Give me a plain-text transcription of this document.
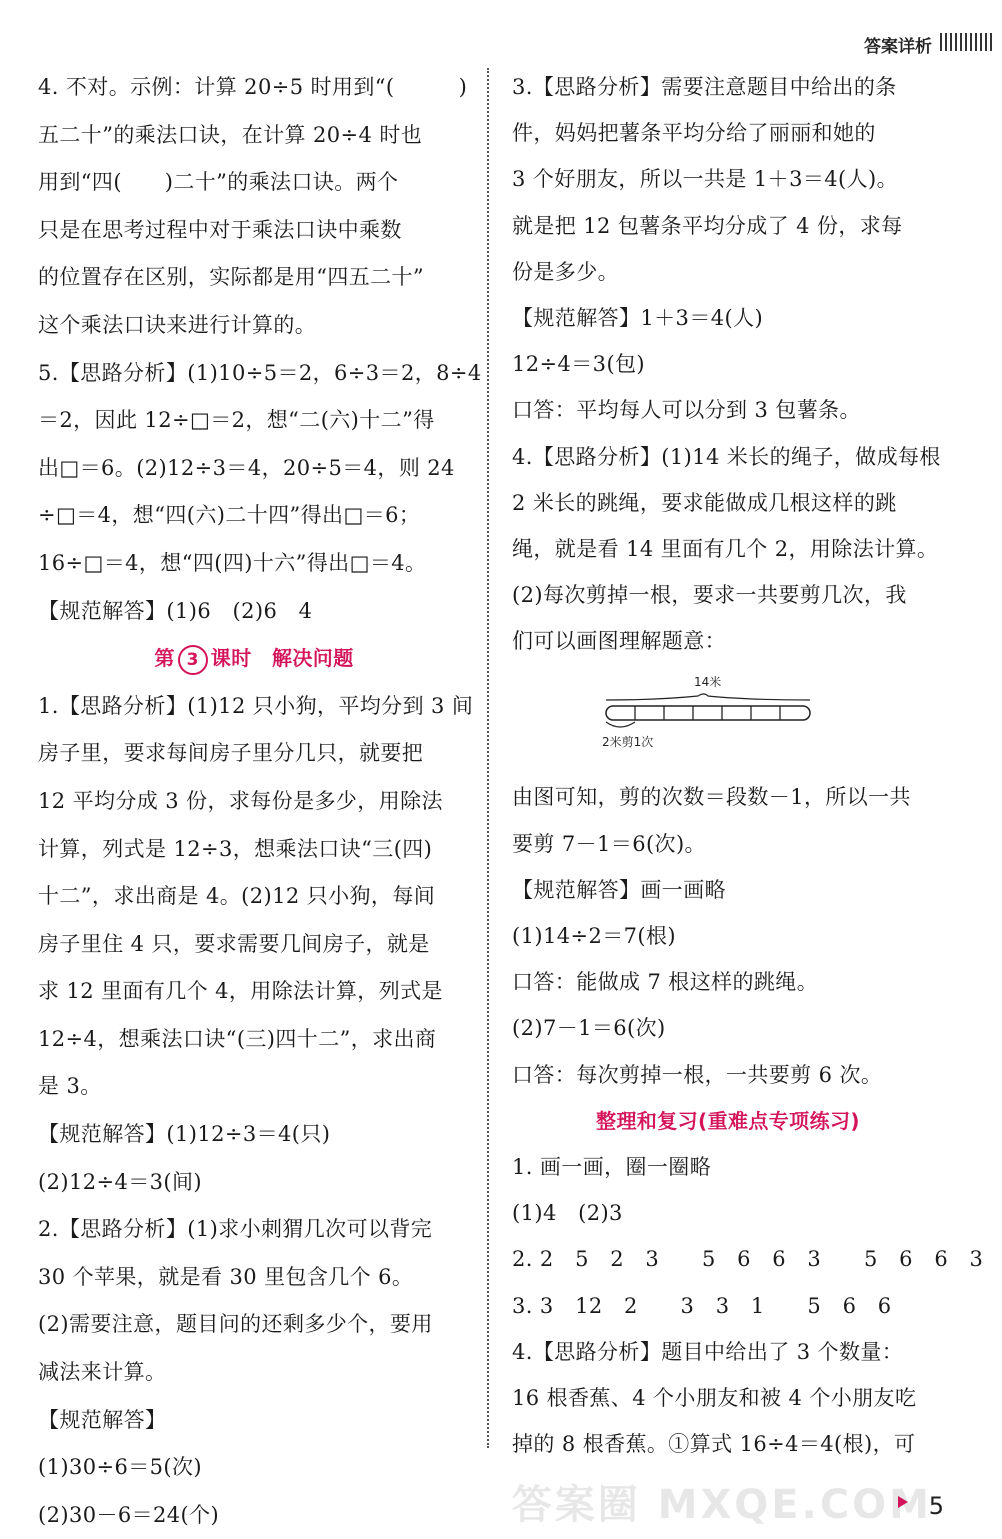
答案详析
4. 不对。示例：计算 20÷5 时用到“(　　　)
五二十”的乘法口诀，在计算 20÷4 时也
用到“四(　　)二十”的乘法口诀。两个
只是在思考过程中对于乘法口诀中乘数
的位置存在区别，实际都是用“四五二十”
这个乘法口诀来进行计算的。
5.【思路分析】(1)10÷5＝2，6÷3＝2，8÷4
＝2，因此 12÷□＝2，想“二(六)十二”得
出□＝6。(2)12÷3＝4，20÷5＝4，则 24
÷□＝4，想“四(六)二十四”得出□＝6；
16÷□＝4，想“四(四)十六”得出□＝4。
【规范解答】(1)6　(2)6　4
第 3 课时　解决问题
1.【思路分析】(1)12 只小狗，平均分到 3 间
房子里，要求每间房子里分几只，就要把
12 平均分成 3 份，求每份是多少，用除法
计算，列式是 12÷3，想乘法口诀“三(四)
十二”，求出商是 4。(2)12 只小狗，每间
房子里住 4 只，要求需要几间房子，就是
求 12 里面有几个 4，用除法计算，列式是
12÷4，想乘法口诀“(三)四十二”，求出商
是 3。
【规范解答】(1)12÷3＝4(只)
(2)12÷4＝3(间)
2.【思路分析】(1)求小刺猬几次可以背完
30 个苹果，就是看 30 里包含几个 6。
(2)需要注意，题目问的还剩多少个，要用
减法来计算。
【规范解答】
(1)30÷6＝5(次)
(2)30－6＝24(个)
3.【思路分析】需要注意题目中给出的条
件，妈妈把薯条平均分给了丽丽和她的
3 个好朋友，所以一共是 1＋3＝4(人)。
就是把 12 包薯条平均分成了 4 份，求每
份是多少。
【规范解答】1＋3＝4(人)
12÷4＝3(包)
口答：平均每人可以分到 3 包薯条。
4.【思路分析】(1)14 米长的绳子，做成每根
2 米长的跳绳，要求能做成几根这样的跳
绳，就是看 14 里面有几个 2，用除法计算。
(2)每次剪掉一根，要求一共要剪几次，我
们可以画图理解题意：
14米
2米剪1次
由图可知，剪的次数＝段数－1，所以一共
要剪 7－1＝6(次)。
【规范解答】画一画略
(1)14÷2＝7(根)
口答：能做成 7 根这样的跳绳。
(2)7－1＝6(次)
口答：每次剪掉一根，一共要剪 6 次。
整理和复习(重难点专项练习)
1. 画一画，圈一圈略
(1)4　(2)3
2. 2　5　2　3　　5　6　6　3　　5　6　6　3
3. 3　12　2　　3　3　1　　5　6　6
4.【思路分析】题目中给出了 3 个数量：
16 根香蕉、4 个小朋友和被 4 个小朋友吃
掉的 8 根香蕉。①算式 16÷4＝4(根)，可
答案圈 MXQE.COM
5
